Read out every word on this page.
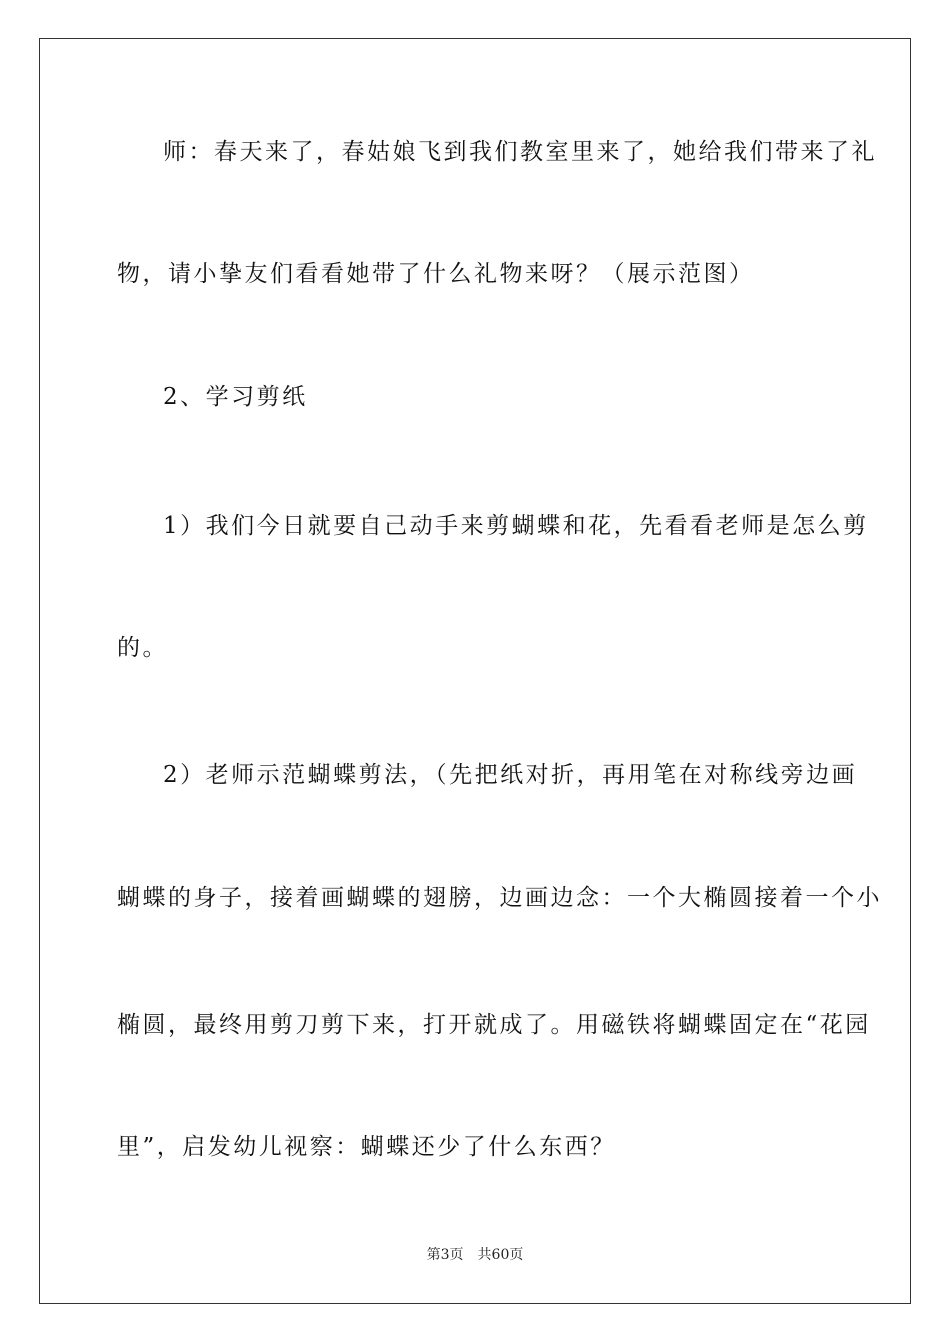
师：春天来了，春姑娘飞到我们教室里来了，她给我们带来了礼
物，请小挚友们看看她带了什么礼物来呀？（展示范图）
2、学习剪纸
1）我们今日就要自己动手来剪蝴蝶和花，先看看老师是怎么剪
的。
2）老师示范蝴蝶剪法，（先把纸对折，再用笔在对称线旁边画
蝴蝶的身子，接着画蝴蝶的翅膀，边画边念：一个大椭圆接着一个小
椭圆，最终用剪刀剪下来，打开就成了。用磁铁将蝴蝶固定在“花园
里”，启发幼儿视察：蝴蝶还少了什么东西？
第3页 共60页
